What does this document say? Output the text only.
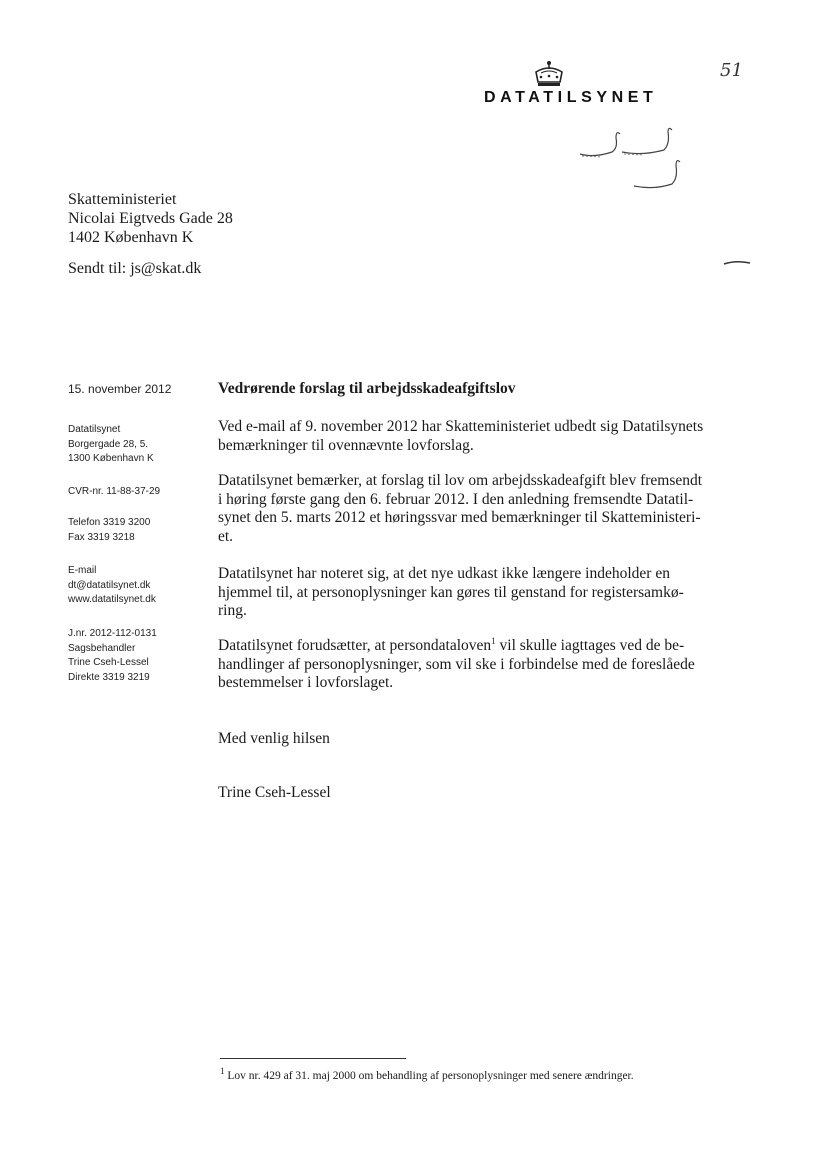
DATATILSYNET
51
Skatteministeriet
Nicolai Eigtveds Gade 28
1402 København K
Sendt til: js@skat.dk
15. november 2012
Datatilsynet
Borgergade 28, 5.
1300 København K
CVR-nr. 11-88-37-29
Telefon 3319 3200
Fax 3319 3218
E-mail
dt@datatilsynet.dk
www.datatilsynet.dk
J.nr. 2012-112-0131
Sagsbehandler
Trine Cseh-Lessel
Direkte 3319 3219
Vedrørende forslag til arbejdsskadeafgiftslov
Ved e-mail af 9. november 2012 har Skatteministeriet udbedt sig Datatilsynets
bemærkninger til ovennævnte lovforslag.
Datatilsynet bemærker, at forslag til lov om arbejdsskadeafgift blev fremsendt
i høring første gang den 6. februar 2012. I den anledning fremsendte Datatil-
synet den 5. marts 2012 et høringssvar med bemærkninger til Skatteministeri-
et.
Datatilsynet har noteret sig, at det nye udkast ikke længere indeholder en
hjemmel til, at personoplysninger kan gøres til genstand for registersamkø-
ring.
Datatilsynet forudsætter, at persondataloven$^1$ vil skulle iagttages ved de be-
handlinger af personoplysninger, som vil ske i forbindelse med de foreslåede
bestemmelser i lovforslaget.
Med venlig hilsen
Trine Cseh-Lessel
$^1$ Lov nr. 429 af 31. maj 2000 om behandling af personoplysninger med senere ændringer.
